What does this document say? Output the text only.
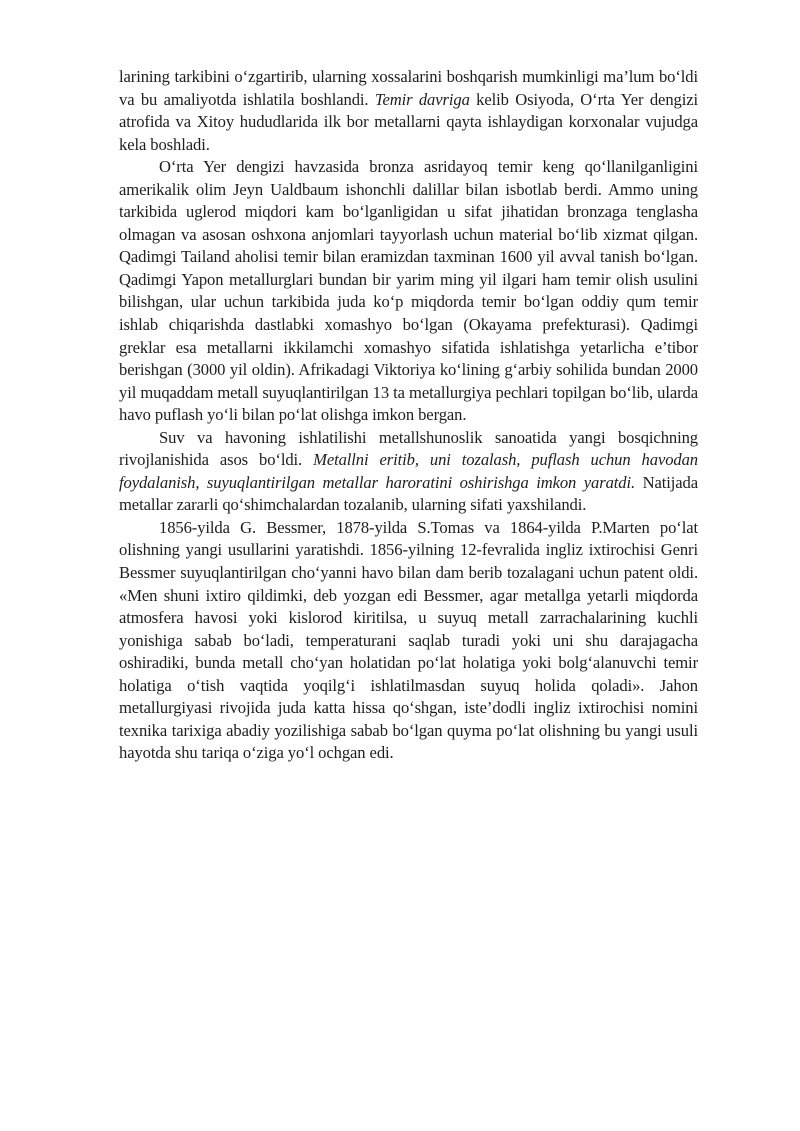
larining tarkibini o‘zgartirib, ularning xossalarini boshqarish mumkinligi ma’lum bo‘ldi va bu amaliyotda ishlatila boshlandi. Temir davriga kelib Osiyoda, O‘rta Yer dengizi atrofida va Xitoy hududlarida ilk bor metallarni qayta ishlaydigan korxonalar vujudga kela boshladi.

O‘rta Yer dengizi havzasida bronza asridayoq temir keng qo‘llanilganligini amerikalik olim Jeyn Ualdbaum ishonchli dalillar bilan isbotlab berdi. Ammo uning tarkibida uglerod miqdori kam bo‘lganligidan u sifat jihatidan bronzaga tenglasha olmagan va asosan oshxona anjomlari tayyorlash uchun material bo‘lib xizmat qilgan. Qadimgi Tailand aholisi temir bilan eramizdan taxminan 1600 yil avval tanish bo‘lgan. Qadimgi Yapon metallurglari bundan bir yarim ming yil ilgari ham temir olish usulini bilishgan, ular uchun tarkibida juda ko‘p miqdorda temir bo‘lgan oddiy qum temir ishlab chiqarishda dastlabki xomashyo bo‘lgan (Okayama prefekturasi). Qadimgi greklar esa metallarni ikkilamchi xomashyo sifatida ishlatishga yetarlicha e’tibor berishgan (3000 yil oldin). Afrikadagi Viktoriya ko‘lining g‘arbiy sohilida bundan 2000 yil muqaddam metall suyuqlantirilgan 13 ta metallurgiya pechlari topilgan bo‘lib, ularda havo puflash yo‘li bilan po‘lat olishga imkon bergan.

Suv va havoning ishlatilishi metallshunoslik sanoatida yangi bosqichning rivojlanishida asos bo‘ldi. Metallni eritib, uni tozalash, puflash uchun havodan foydalanish, suyuqlantirilgan metallar haroratini oshirishga imkon yaratdi. Natijada metallar zararli qo‘shimchalardan tozalanib, ularning sifati yaxshilandi.

1856-yilda G. Bessmer, 1878-yilda S.Tomas va 1864-yilda P.Marten po‘lat olishning yangi usullarini yaratishdi. 1856-yilning 12-fevralida ingliz ixtirochisi Genri Bessmer suyuqlantirilgan cho‘yanni havo bilan dam berib tozalagani uchun patent oldi. «Men shuni ixtiro qildimki, deb yozgan edi Bessmer, agar metallga yetarli miqdorda atmosfera havosi yoki kislorod kiritilsa, u suyuq metall zarrachalarining kuchli yonishiga sabab bo‘ladi, temperaturani saqlab turadi yoki uni shu darajagacha oshiradiki, bunda metall cho‘yan holatidan po‘lat holatiga yoki bolg‘alanuvchi temir holatiga o‘tish vaqtida yoqilg‘i ishlatilmasdan suyuq holida qoladi». Jahon metallurgiyasi rivojida juda katta hissa qo‘shgan, iste’dodli ingliz ixtirochisi nomini texnika tarixiga abadiy yozilishiga sabab bo‘lgan quyma po‘lat olishning bu yangi usuli hayotda shu tariqa o‘ziga yo‘l ochgan edi.
